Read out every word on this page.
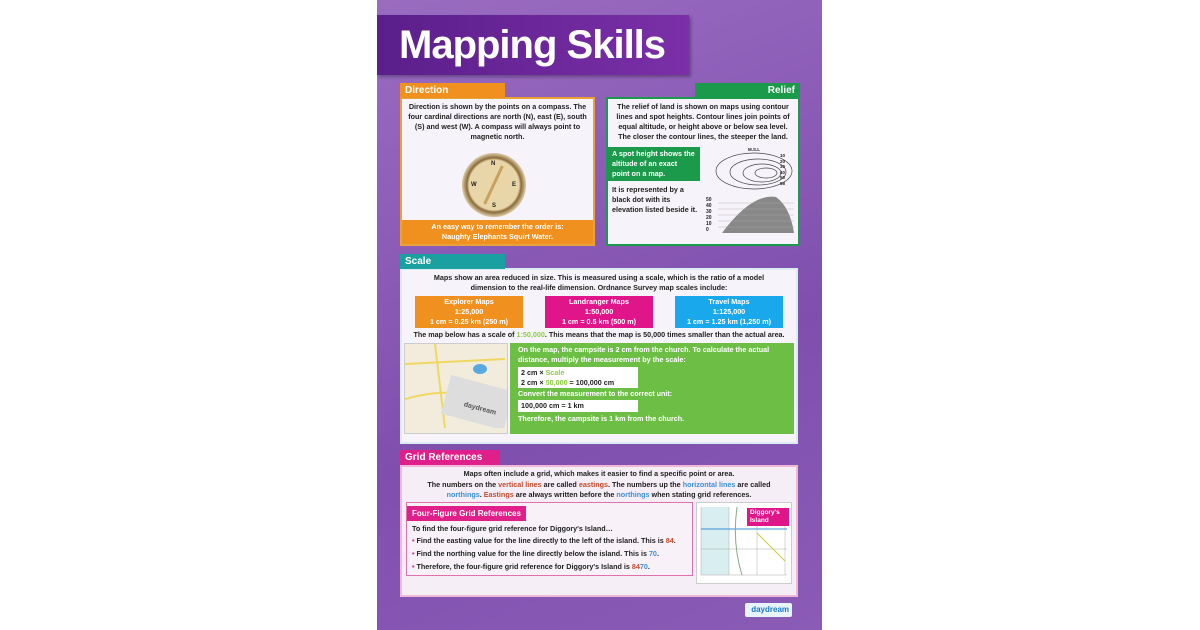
Mapping Skills
Direction
Direction is shown by the points on a compass. The four cardinal directions are north (N), east (E), south (S) and west (W). A compass will always point to magnetic north.
N
E
S
W
An easy way to remember the order is:
Naughty Elephants Squirt Water.
Relief
The relief of land is shown on maps using contour lines and spot heights. Contour lines join points of equal altitude, or height above or below sea level. The closer the contour lines, the steeper the land.
A spot height shows the altitude of an exact point on a map.
It is represented by a black dot with its elevation listed beside it.
M.S.L
10
20
30
40
50
58
50
40
30
20
10
0
Scale
Maps show an area reduced in size. This is measured using a scale, which is the ratio of a model dimension to the real-life dimension. Ordnance Survey map scales include:
Explorer Maps
1:25,000
1 cm = 0.25 km (250 m)
Landranger Maps
1:50,000
1 cm = 0.5 km (500 m)
Travel Maps
1:125,000
1 cm = 1.25 km (1,250 m)
The map below has a scale of 1:50,000. This means that the map is 50,000 times smaller than the actual area.
daydream
On the map, the campsite is 2 cm from the church. To calculate the actual distance, multiply the measurement by the scale:
2 cm × Scale
2 cm × 50,000 = 100,000 cm
Convert the measurement to the correct unit:
100,000 cm = 1 km
Therefore, the campsite is 1 km from the church.
Grid References
Maps often include a grid, which makes it easier to find a specific point or area.
The numbers on the vertical lines are called eastings. The numbers up the horizontal lines are called northings. Eastings are always written before the northings when stating grid references.
Four-Figure Grid References
To find the four-figure grid reference for Diggory's Island…
• Find the easting value for the line directly to the left of the island. This is 84.
• Find the northing value for the line directly below the island. This is 70.
• Therefore, the four-figure grid reference for Diggory's Island is 8470.
Diggory's Island
daydream
